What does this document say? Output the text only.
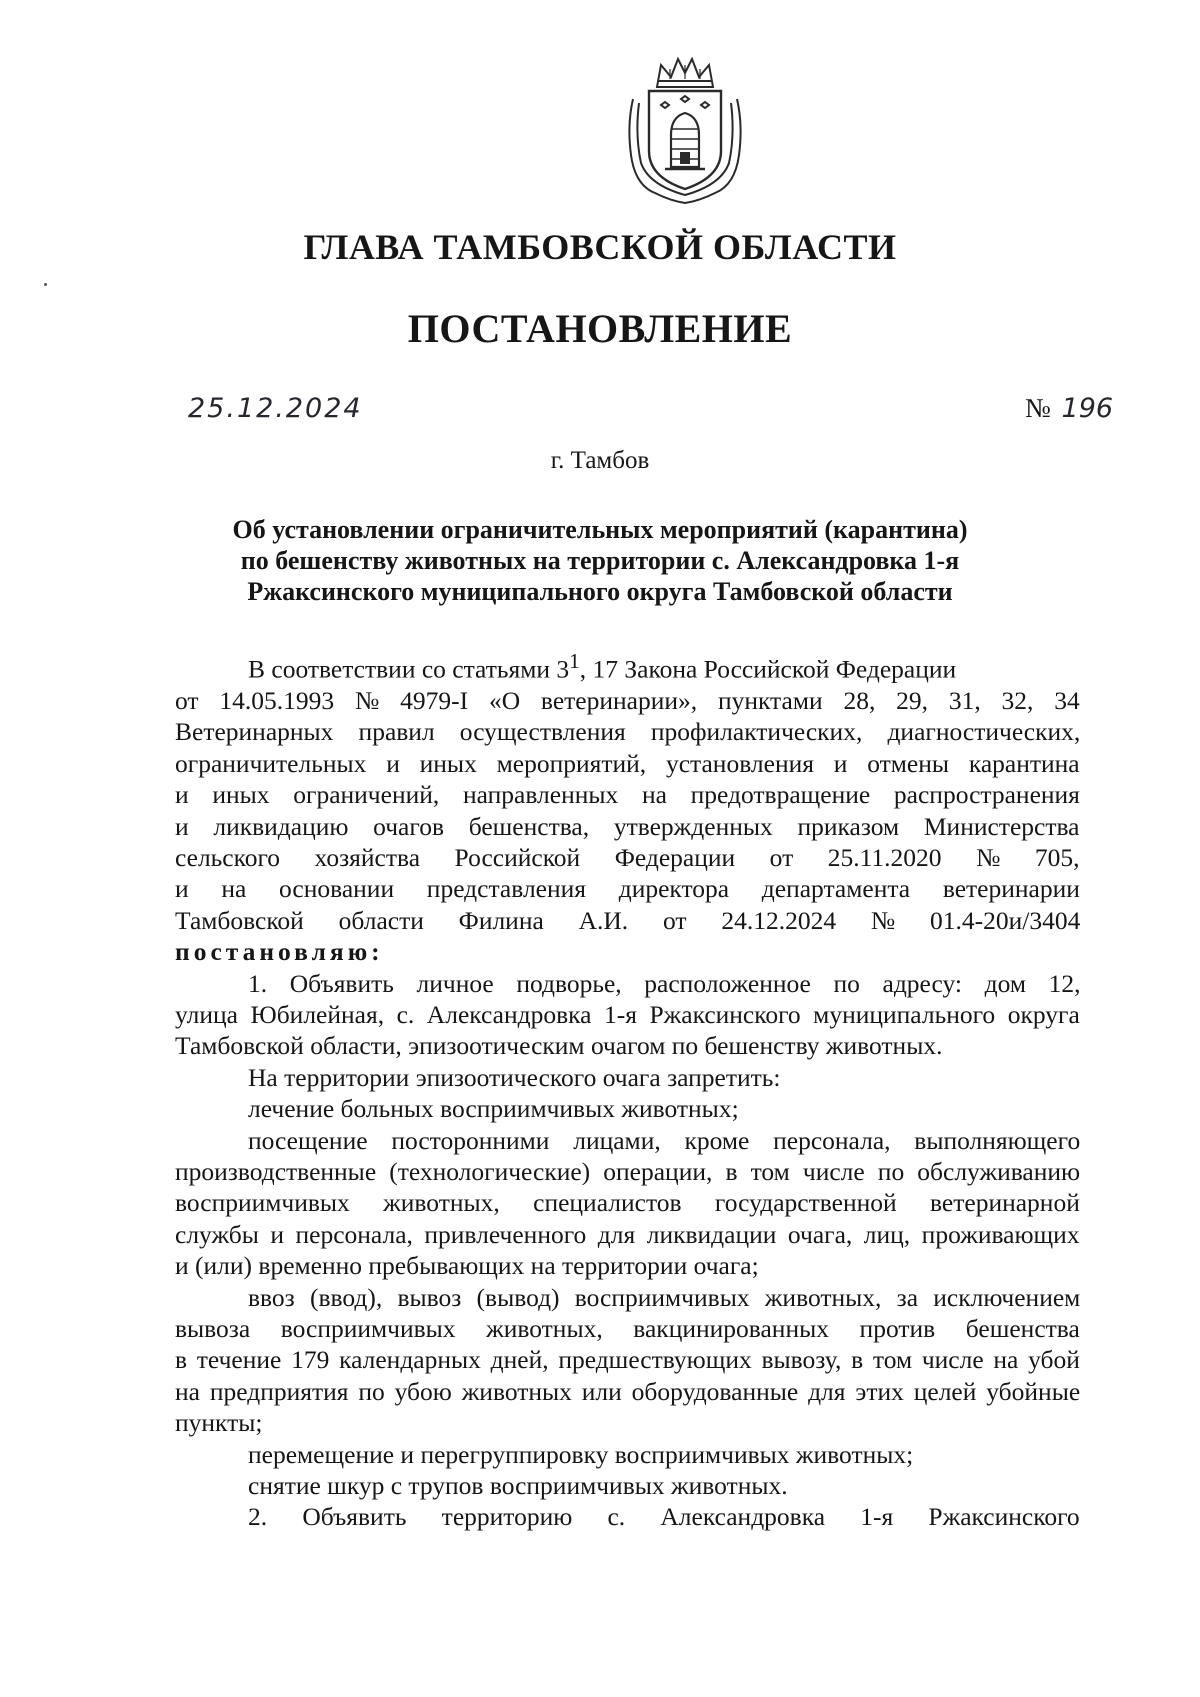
ГЛАВА ТАМБОВСКОЙ ОБЛАСТИ
ПОСТАНОВЛЕНИЕ
25.12.2024	№ 196
г. Тамбов
Об установлении ограничительных мероприятий (карантина)
по бешенству животных на территории с. Александровка 1-я
Ржаксинского муниципального округа Тамбовской области
В соответствии со статьями $3^1$, 17 Закона Российской Федерации
от 14.05.1993 № 4979-I «О ветеринарии», пунктами 28, 29, 31, 32, 34
Ветеринарных правил осуществления профилактических, диагностических,
ограничительных и иных мероприятий, установления и отмены карантина
и иных ограничений, направленных на предотвращение распространения
и ликвидацию очагов бешенства, утвержденных приказом Министерства
сельского хозяйства Российской Федерации от 25.11.2020 № 705,
и на основании представления директора департамента ветеринарии
Тамбовской области Филина А.И. от 24.12.2024 № 01.4-20и/3404
постановляю:
1. Объявить личное подворье, расположенное по адресу: дом 12,
улица Юбилейная, с. Александровка 1-я Ржаксинского муниципального округа
Тамбовской области, эпизоотическим очагом по бешенству животных.
На территории эпизоотического очага запретить:
лечение больных восприимчивых животных;
посещение посторонними лицами, кроме персонала, выполняющего
производственные (технологические) операции, в том числе по обслуживанию
восприимчивых животных, специалистов государственной ветеринарной
службы и персонала, привлеченного для ликвидации очага, лиц, проживающих
и (или) временно пребывающих на территории очага;
ввоз (ввод), вывоз (вывод) восприимчивых животных, за исключением
вывоза восприимчивых животных, вакцинированных против бешенства
в течение 179 календарных дней, предшествующих вывозу, в том числе на убой
на предприятия по убою животных или оборудованные для этих целей убойные
пункты;
перемещение и перегруппировку восприимчивых животных;
снятие шкур с трупов восприимчивых животных.
2. Объявить территорию с. Александровка 1-я Ржаксинского
